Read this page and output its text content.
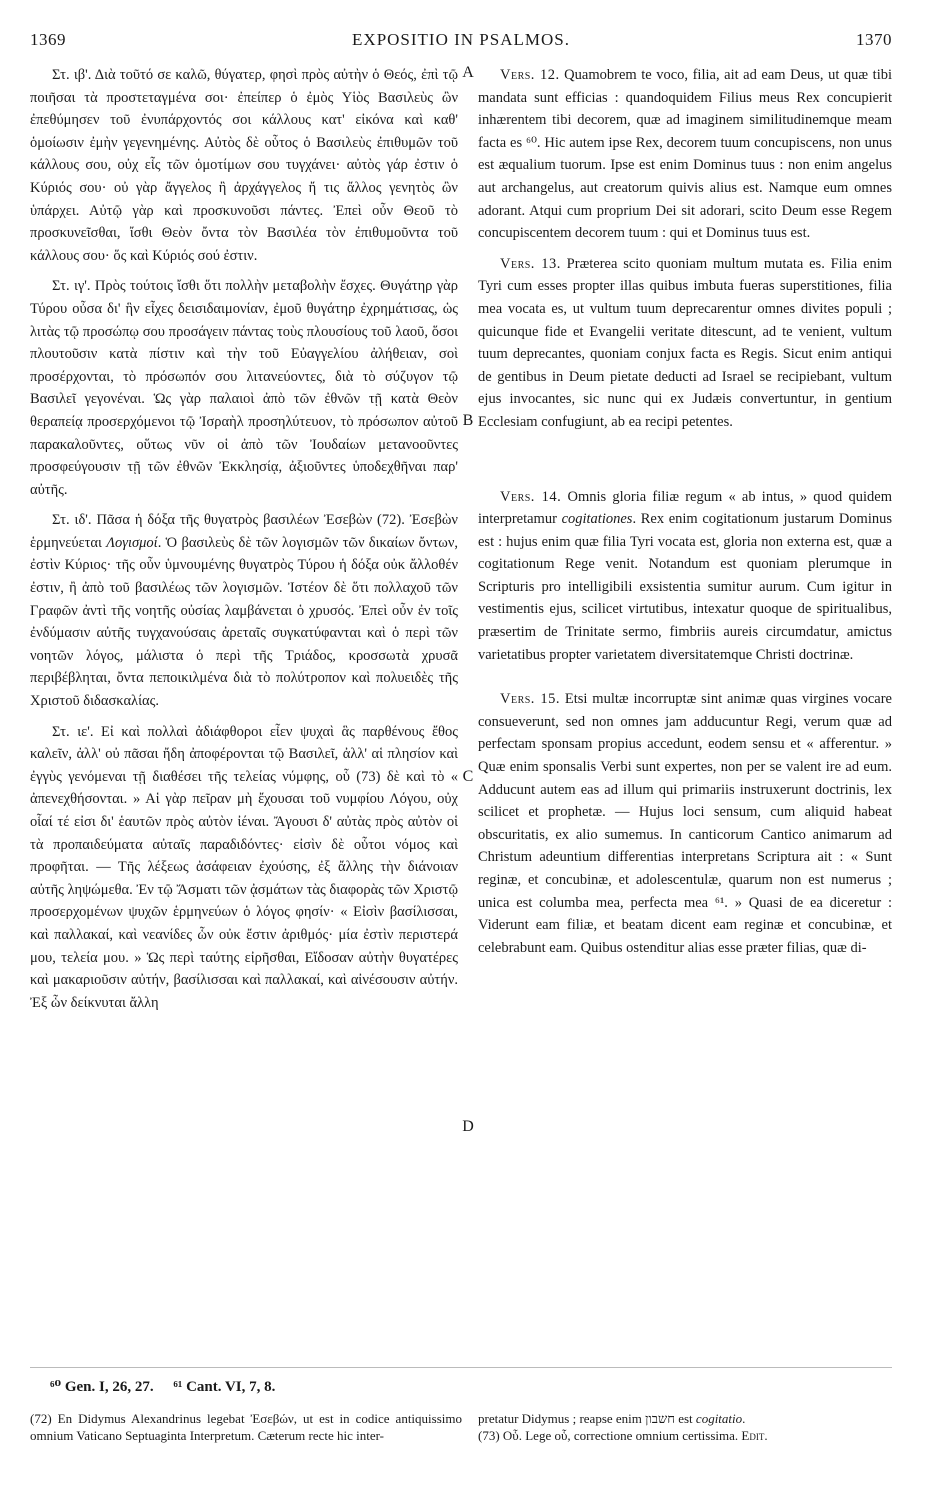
1369	EXPOSITIO IN PSALMOS.	1370

Στ. ιβ'. Διὰ τοῦτό σε καλῶ, θύγατερ, φησὶ πρὸς αὐτὴν ὁ Θεός, ἐπὶ τῷ ποιῆσαι τὰ προστεταγμένα σοι· ἐπείπερ ὁ ἐμὸς Υἱὸς Βασιλεὺς ὢν ἐπεθύμησεν τοῦ ἐνυπάρχοντός σοι κάλλους κατ' εἰκόνα καὶ καθ' ὁμοίωσιν ἐμὴν γεγενημένης. Αὐτὸς δὲ οὗτος ὁ Βασιλεὺς ἐπιθυμῶν τοῦ κάλλους σου, οὐχ εἷς τῶν ὁμοτίμων σου τυγχάνει· αὐτὸς γάρ ἐστιν ὁ Κύριός σου· οὐ γὰρ ἄγγελος ἢ ἀρχάγγελος ἤ τις ἄλλος γενητὸς ὢν ὑπάρχει. Αὐτῷ γὰρ καὶ προσκυνοῦσι πάντες. Ἐπεὶ οὖν Θεοῦ τὸ προσκυνεῖσθαι, ἴσθι Θεὸν ὄντα τὸν Βασιλέα τὸν ἐπιθυμοῦντα τοῦ κάλλους σου· ὅς καὶ Κύριός σού ἐστιν.

Στ. ιγ'. Πρὸς τούτοις ἴσθι ὅτι πολλὴν μεταβολὴν ἔσχες. Θυγάτηρ γὰρ Τύρου οὖσα δι' ἣν εἶχες δεισιδαιμονίαν, ἐμοῦ θυγάτηρ ἐχρημάτισας, ὡς λιτὰς τῷ προσώπῳ σου προσάγειν πάντας τοὺς πλουσίους τοῦ λαοῦ, ὅσοι πλουτοῦσιν κατὰ πίστιν καὶ τὴν τοῦ Εὐαγγελίου ἀλήθειαν, σοὶ προσέρχονται, τὸ πρόσωπόν σου λιτανεύοντες, διὰ τὸ σύζυγον τῷ Βασιλεῖ γεγονέναι. Ὡς γὰρ παλαιοὶ ἀπὸ τῶν ἐθνῶν τῇ κατὰ Θεὸν θεραπείᾳ προσερχόμενοι τῷ Ἰσραὴλ προσηλύτευον, τὸ πρόσωπον αὐτοῦ παρακαλοῦντες, οὕτως νῦν οἱ ἀπὸ τῶν Ἰουδαίων μετανοοῦντες προσφεύγουσιν τῇ τῶν ἐθνῶν Ἐκκλησίᾳ, ἀξιοῦντες ὑποδεχθῆναι παρ' αὐτῆς.

Στ. ιδ'. Πᾶσα ἡ δόξα τῆς θυγατρὸς βασιλέων Ἐσεβὼν (72). Ἐσεβὼν ἑρμηνεύεται Λογισμοί. Ὁ βασιλεὺς δὲ τῶν λογισμῶν τῶν δικαίων ὄντων, ἐστὶν Κύριος· τῆς οὖν ὑμνουμένης θυγατρὸς Τύρου ἡ δόξα οὐκ ἄλλοθέν ἐστιν, ἢ ἀπὸ τοῦ βασιλέως τῶν λογισμῶν. Ἰστέον δὲ ὅτι πολλαχοῦ τῶν Γραφῶν ἀντὶ τῆς νοητῆς οὐσίας λαμβάνεται ὁ χρυσός. Ἐπεὶ οὖν ἐν τοῖς ἐνδύμασιν αὐτῆς τυγχανούσαις ἀρεταῖς συγκατύφανται καὶ ὁ περὶ τῶν νοητῶν λόγος, μάλιστα ὁ περὶ τῆς Τριάδος, κροσσωτὰ χρυσᾶ περιβέβληται, ὄντα πεποικιλμένα διὰ τὸ πολύτροπον καὶ πολυειδὲς τῆς Χριστοῦ διδασκαλίας.

Στ. ιε'. Εἰ καὶ πολλαὶ ἀδιάφθοροι εἶεν ψυχαὶ ἃς παρθένους ἔθος καλεῖν, ἀλλ' οὐ πᾶσαι ἤδη ἀποφέρονται τῷ Βασιλεῖ, ἀλλ' αἱ πλησίον καὶ ἐγγὺς γενόμεναι τῇ διαθέσει τῆς τελείας νύμφης, οὗ (73) δὲ καὶ τὸ « ἀπενεχθήσονται. » Αἱ γὰρ πεῖραν μὴ ἔχουσαι τοῦ νυμφίου Λόγου, οὐχ οἷαί τέ εἰσι δι' ἑαυτῶν πρὸς αὐτὸν ἰέναι. Ἄγουσι δ' αὐτὰς πρὸς αὐτὸν οἱ τὰ προπαιδεύματα αὐταῖς παραδιδόντες· εἰσὶν δὲ οὗτοι νόμος καὶ προφῆται. — Τῆς λέξεως ἀσάφειαν ἐχούσης, ἐξ ἄλλης τὴν διάνοιαν αὐτῆς ληψώμεθα. Ἐν τῷ Ἄσματι τῶν ᾀσμάτων τὰς διαφορὰς τῶν Χριστῷ προσερχομένων ψυχῶν ἑρμηνεύων ὁ λόγος φησίν· « Εἰσὶν βασίλισσαι, καὶ παλλακαί, καὶ νεανίδες ὧν οὐκ ἔστιν ἀριθμός· μία ἐστὶν περιστερά μου, τελεία μου. » Ὡς περὶ ταύτης εἰρῆσθαι, Εἴδοσαν αὐτὴν θυγατέρες καὶ μακαριοῦσιν αὐτήν, βασίλισσαι καὶ παλλακαί, καὶ αἰνέσουσιν αὐτήν. Ἐξ ὧν δείκνυται ἄλλη

A
B
C
D

Vers. 12. Quamobrem te voco, filia, ait ad eam Deus, ut quæ tibi mandata sunt efficias : quandoquidem Filius meus Rex concupierit inhærentem tibi decorem, quæ ad imaginem similitudinemque meam facta es ⁶⁰. Hic autem ipse Rex, decorem tuum concupiscens, non unus est æqualium tuorum. Ipse est enim Dominus tuus : non enim angelus aut archangelus, aut creatorum quivis alius est. Namque eum omnes adorant. Atqui cum proprium Dei sit adorari, scito Deum esse Regem concupiscentem decorem tuum : qui et Dominus tuus est.

Vers. 13. Præterea scito quoniam multum mutata es. Filia enim Tyri cum esses propter illas quibus imbuta fueras superstitiones, filia mea vocata es, ut vultum tuum deprecarentur omnes divites populi ; quicunque fide et Evangelii veritate ditescunt, ad te venient, vultum tuum deprecantes, quoniam conjux facta es Regis. Sicut enim antiqui de gentibus in Deum pietate deducti ad Israel se recipiebant, vultum ejus invocantes, sic nunc qui ex Judæis convertuntur, in gentium Ecclesiam confugiunt, ab ea recipi petentes.

Vers. 14. Omnis gloria filiæ regum « ab intus, » quod quidem interpretamur cogitationes. Rex enim cogitationum justarum Dominus est : hujus enim quæ filia Tyri vocata est, gloria non externa est, quæ a cogitationum Rege venit. Notandum est quoniam plerumque in Scripturis pro intelligibili exsistentia sumitur aurum. Cum igitur in vestimentis ejus, scilicet virtutibus, intexatur quoque de spiritualibus, præsertim de Trinitate sermo, fimbriis aureis circumdatur, amictus varietatibus propter varietatem diversitatemque Christi doctrinæ.

Vers. 15. Etsi multæ incorruptæ sint animæ quas virgines vocare consueverunt, sed non omnes jam adducuntur Regi, verum quæ ad perfectam sponsam propius accedunt, eodem sensu et « afferentur. » Quæ enim sponsalis Verbi sunt expertes, non per se valent ire ad eum. Adducunt autem eas ad illum qui primariis instruxerunt doctrinis, lex scilicet et prophetæ. — Hujus loci sensum, cum aliquid habeat obscuritatis, ex alio sumemus. In canticorum Cantico animarum ad Christum adeuntium differentias interpretans Scriptura ait : « Sunt reginæ, et concubinæ, et adolescentulæ, quarum non est numerus ; unica est columba mea, perfecta mea ⁶¹. » Quasi de ea diceretur : Viderunt eam filiæ, et beatam dicent eam reginæ et concubinæ, et celebrabunt eam. Quibus ostenditur alias esse præter filias, quæ di-

⁶⁰ Gen. I, 26, 27. ⁶¹ Cant. VI, 7, 8.

(72) En Didymus Alexandrinus legebat Ἐσεβών, ut est in codice antiquissimo omnium Vaticano Septuaginta Interpretum. Cæterum recte hic inter-

pretatur Didymus ; reapse enim חשבון est cogitatio.

(73) Οὗ. Lege οὗ, correctione omnium certissima. Edit.
